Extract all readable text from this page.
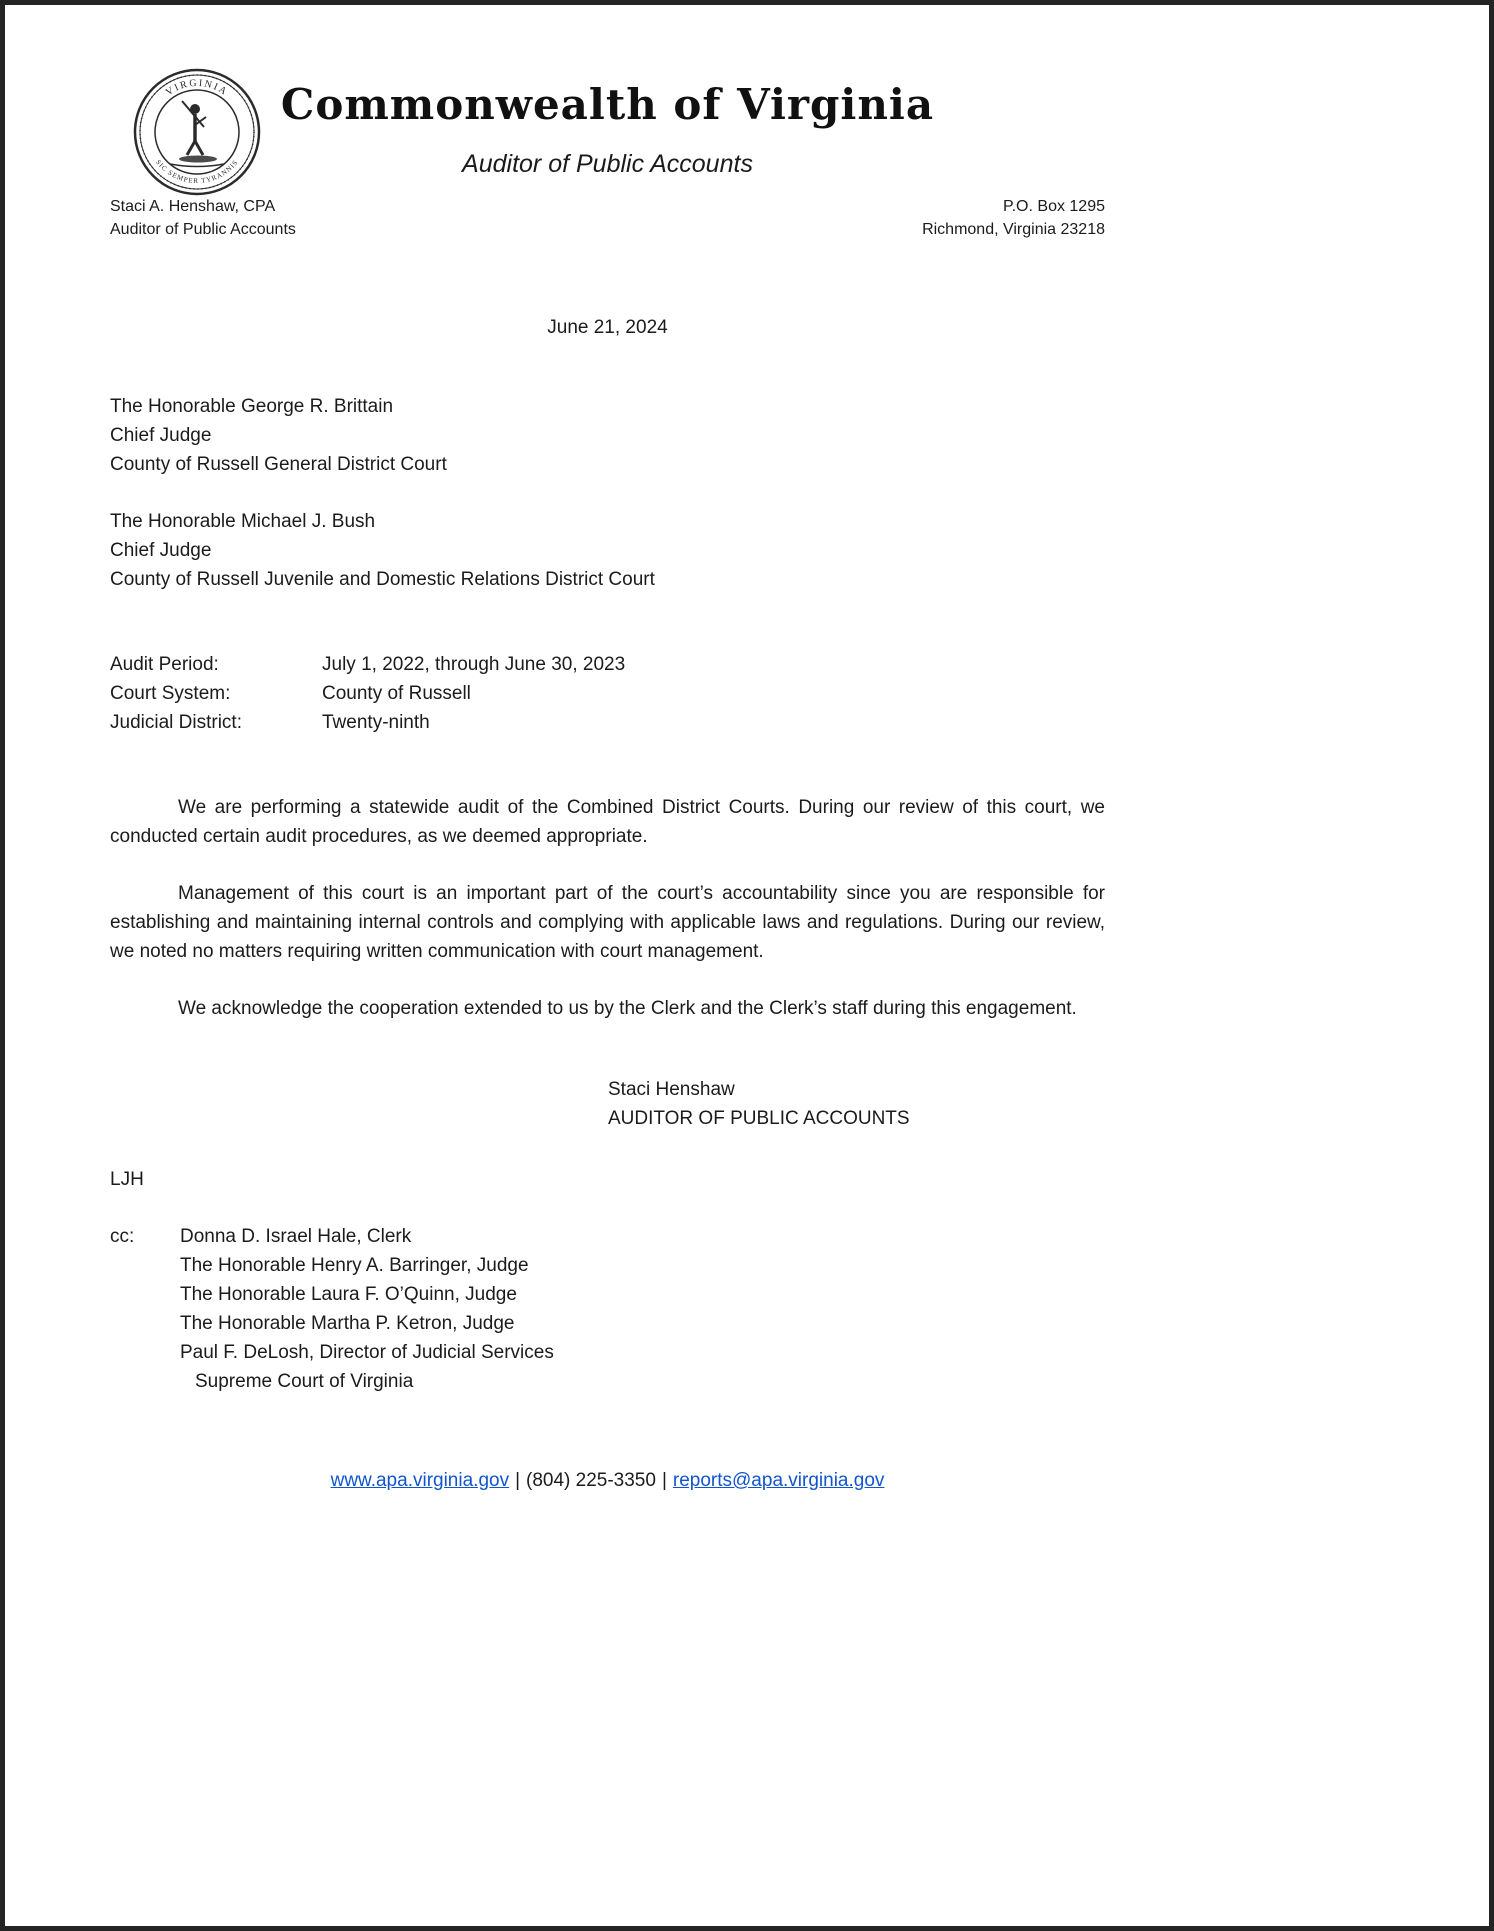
VIRGINIA
SIC SEMPER TYRANNIS
Commonwealth of Virginia
Auditor of Public Accounts
Staci A. Henshaw, CPA
Auditor of Public Accounts
P.O. Box 1295
Richmond, Virginia 23218
June 21, 2024
The Honorable George R. Brittain
Chief Judge
County of Russell General District Court
The Honorable Michael J. Bush
Chief Judge
County of Russell Juvenile and Domestic Relations District Court
Audit Period:	July 1, 2022, through June 30, 2023
Court System:	County of Russell
Judicial District:	Twenty-ninth

We are performing a statewide audit of the Combined District Courts. During our review of this court, we conducted certain audit procedures, as we deemed appropriate.

Management of this court is an important part of the court’s accountability since you are responsible for establishing and maintaining internal controls and complying with applicable laws and regulations. During our review, we noted no matters requiring written communication with court management.

We acknowledge the cooperation extended to us by the Clerk and the Clerk’s staff during this engagement.

Staci Henshaw
AUDITOR OF PUBLIC ACCOUNTS
LJH
cc:	Donna D. Israel Hale, Clerk
The Honorable Henry A. Barringer, Judge
The Honorable Laura F. O’Quinn, Judge
The Honorable Martha P. Ketron, Judge
Paul F. DeLosh, Director of Judicial Services
Supreme Court of Virginia
www.apa.virginia.gov | (804) 225-3350 | reports@apa.virginia.gov
